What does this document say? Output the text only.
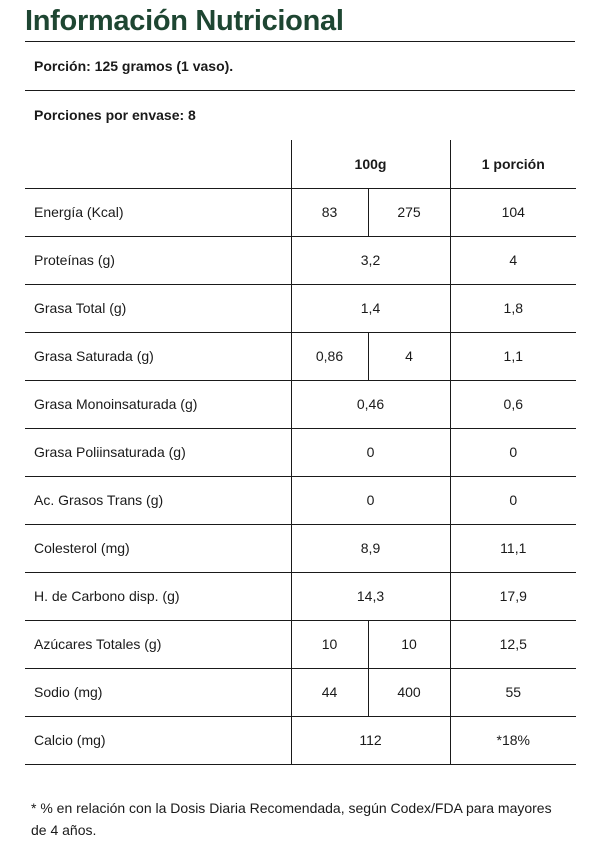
Información Nutricional
Porción: 125 gramos (1 vaso).
Porciones por envase: 8
	100g		1 porción
Energía (Kcal)	83	275	104
Proteínas (g)	3,2		4
Grasa Total (g)	1,4		1,8
Grasa Saturada (g)	0,86	4	1,1
Grasa Monoinsaturada (g)	0,46		0,6
Grasa Poliinsaturada (g)	0		0
Ac. Grasos Trans (g)	0		0
Colesterol (mg)	8,9		11,1
H. de Carbono disp. (g)	14,3		17,9
Azúcares Totales (g)	10	10	12,5
Sodio (mg)	44	400	55
Calcio (mg)	112		*18%

* % en relación con la Dosis Diaria Recomendada, según Codex/FDA para mayores de 4 años.
